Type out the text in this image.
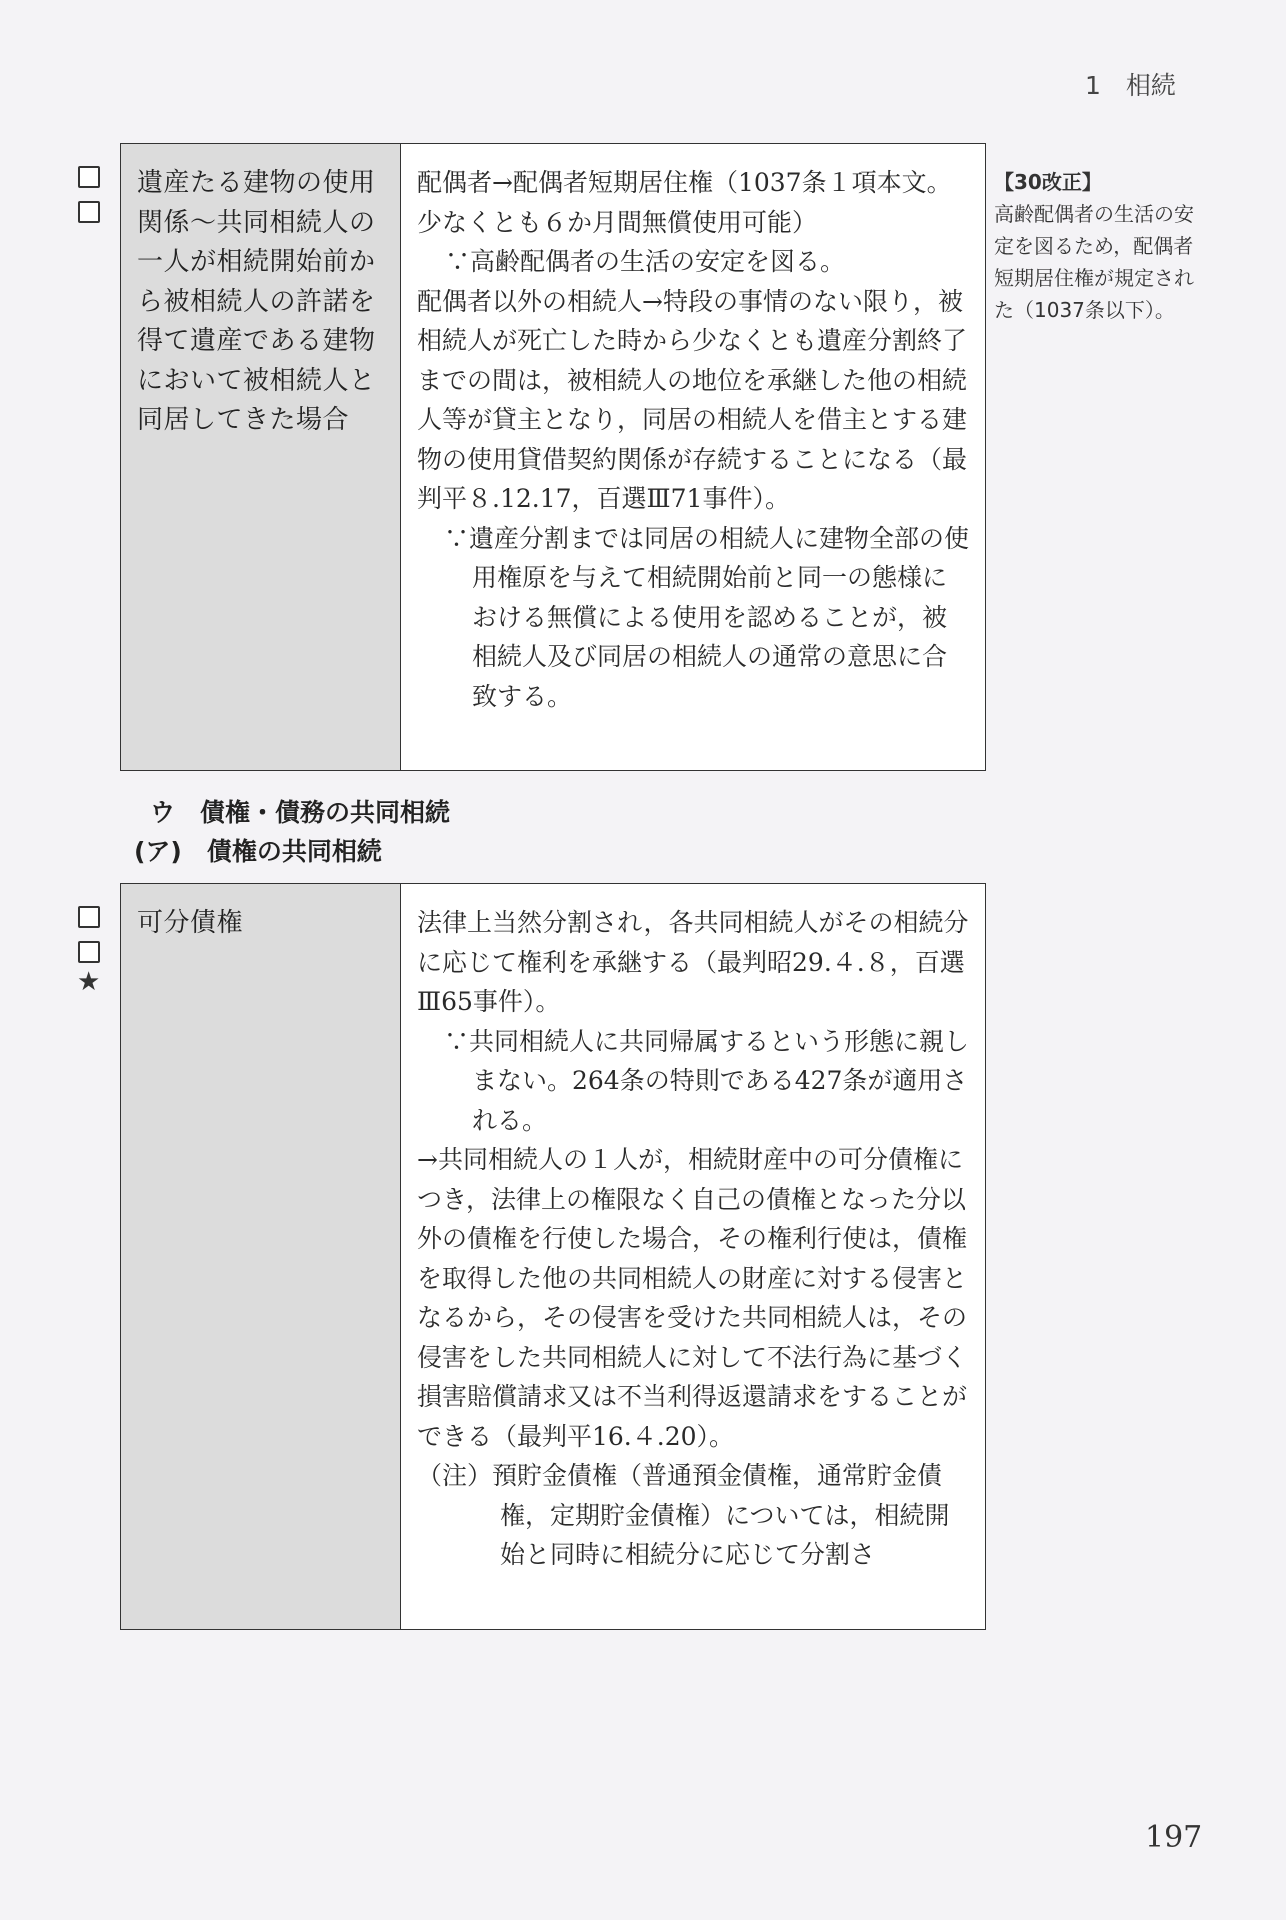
1　相続
遺産たる建物の使用関係～共同相続人の一人が相続開始前から被相続人の許諾を得て遺産である建物において被相続人と同居してきた場合

配偶者→配偶者短期居住権（1037条１項本文。少なくとも６か月間無償使用可能）

∵高齢配偶者の生活の安定を図る。

配偶者以外の相続人→特段の事情のない限り，被相続人が死亡した時から少なくとも遺産分割終了までの間は，被相続人の地位を承継した他の相続人等が貸主となり，同居の相続人を借主とする建物の使用貸借契約関係が存続することになる（最判平８.12.17，百選Ⅲ71事件）。

∵遺産分割までは同居の相続人に建物全部の使用権原を与えて相続開始前と同一の態様における無償による使用を認めることが，被相続人及び同居の相続人の通常の意思に合致する。

【30改正】
高齢配偶者の生活の安定を図るため，配偶者短期居住権が規定された（1037条以下）。
ウ　債権・債務の共同相続
(ア)　債権の共同相続
★
可分債権	法律上当然分割され，各共同相続人がその相続分に応じて権利を承継する（最判昭29.４.８，百選Ⅲ65事件）。

∵共同相続人に共同帰属するという形態に親しまない。264条の特則である427条が適用される。

→共同相続人の１人が，相続財産中の可分債権につき，法律上の権限なく自己の債権となった分以外の債権を行使した場合，その権利行使は，債権を取得した他の共同相続人の財産に対する侵害となるから，その侵害を受けた共同相続人は，その侵害をした共同相続人に対して不法行為に基づく損害賠償請求又は不当利得返還請求をすることができる（最判平16.４.20）。

（注）預貯金債権（普通預金債権，通常貯金債権，定期貯金債権）については，相続開始と同時に相続分に応じて分割さ

197
